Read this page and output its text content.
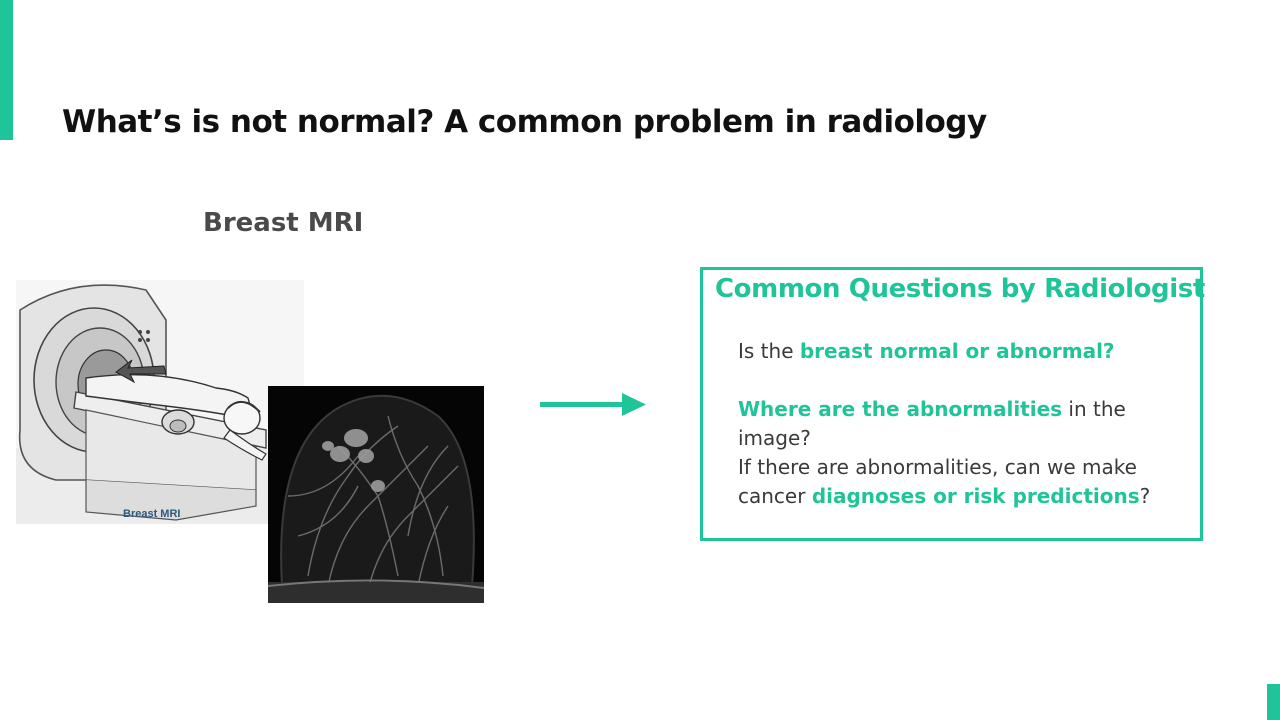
What’s is not normal? A common problem in radiology
Breast MRI
Breast MRI
Common Questions by Radiologist
Is the breast normal or abnormal?
Where are the abnormalities in the image?
If there are abnormalities, can we make cancer diagnoses or risk predictions?
